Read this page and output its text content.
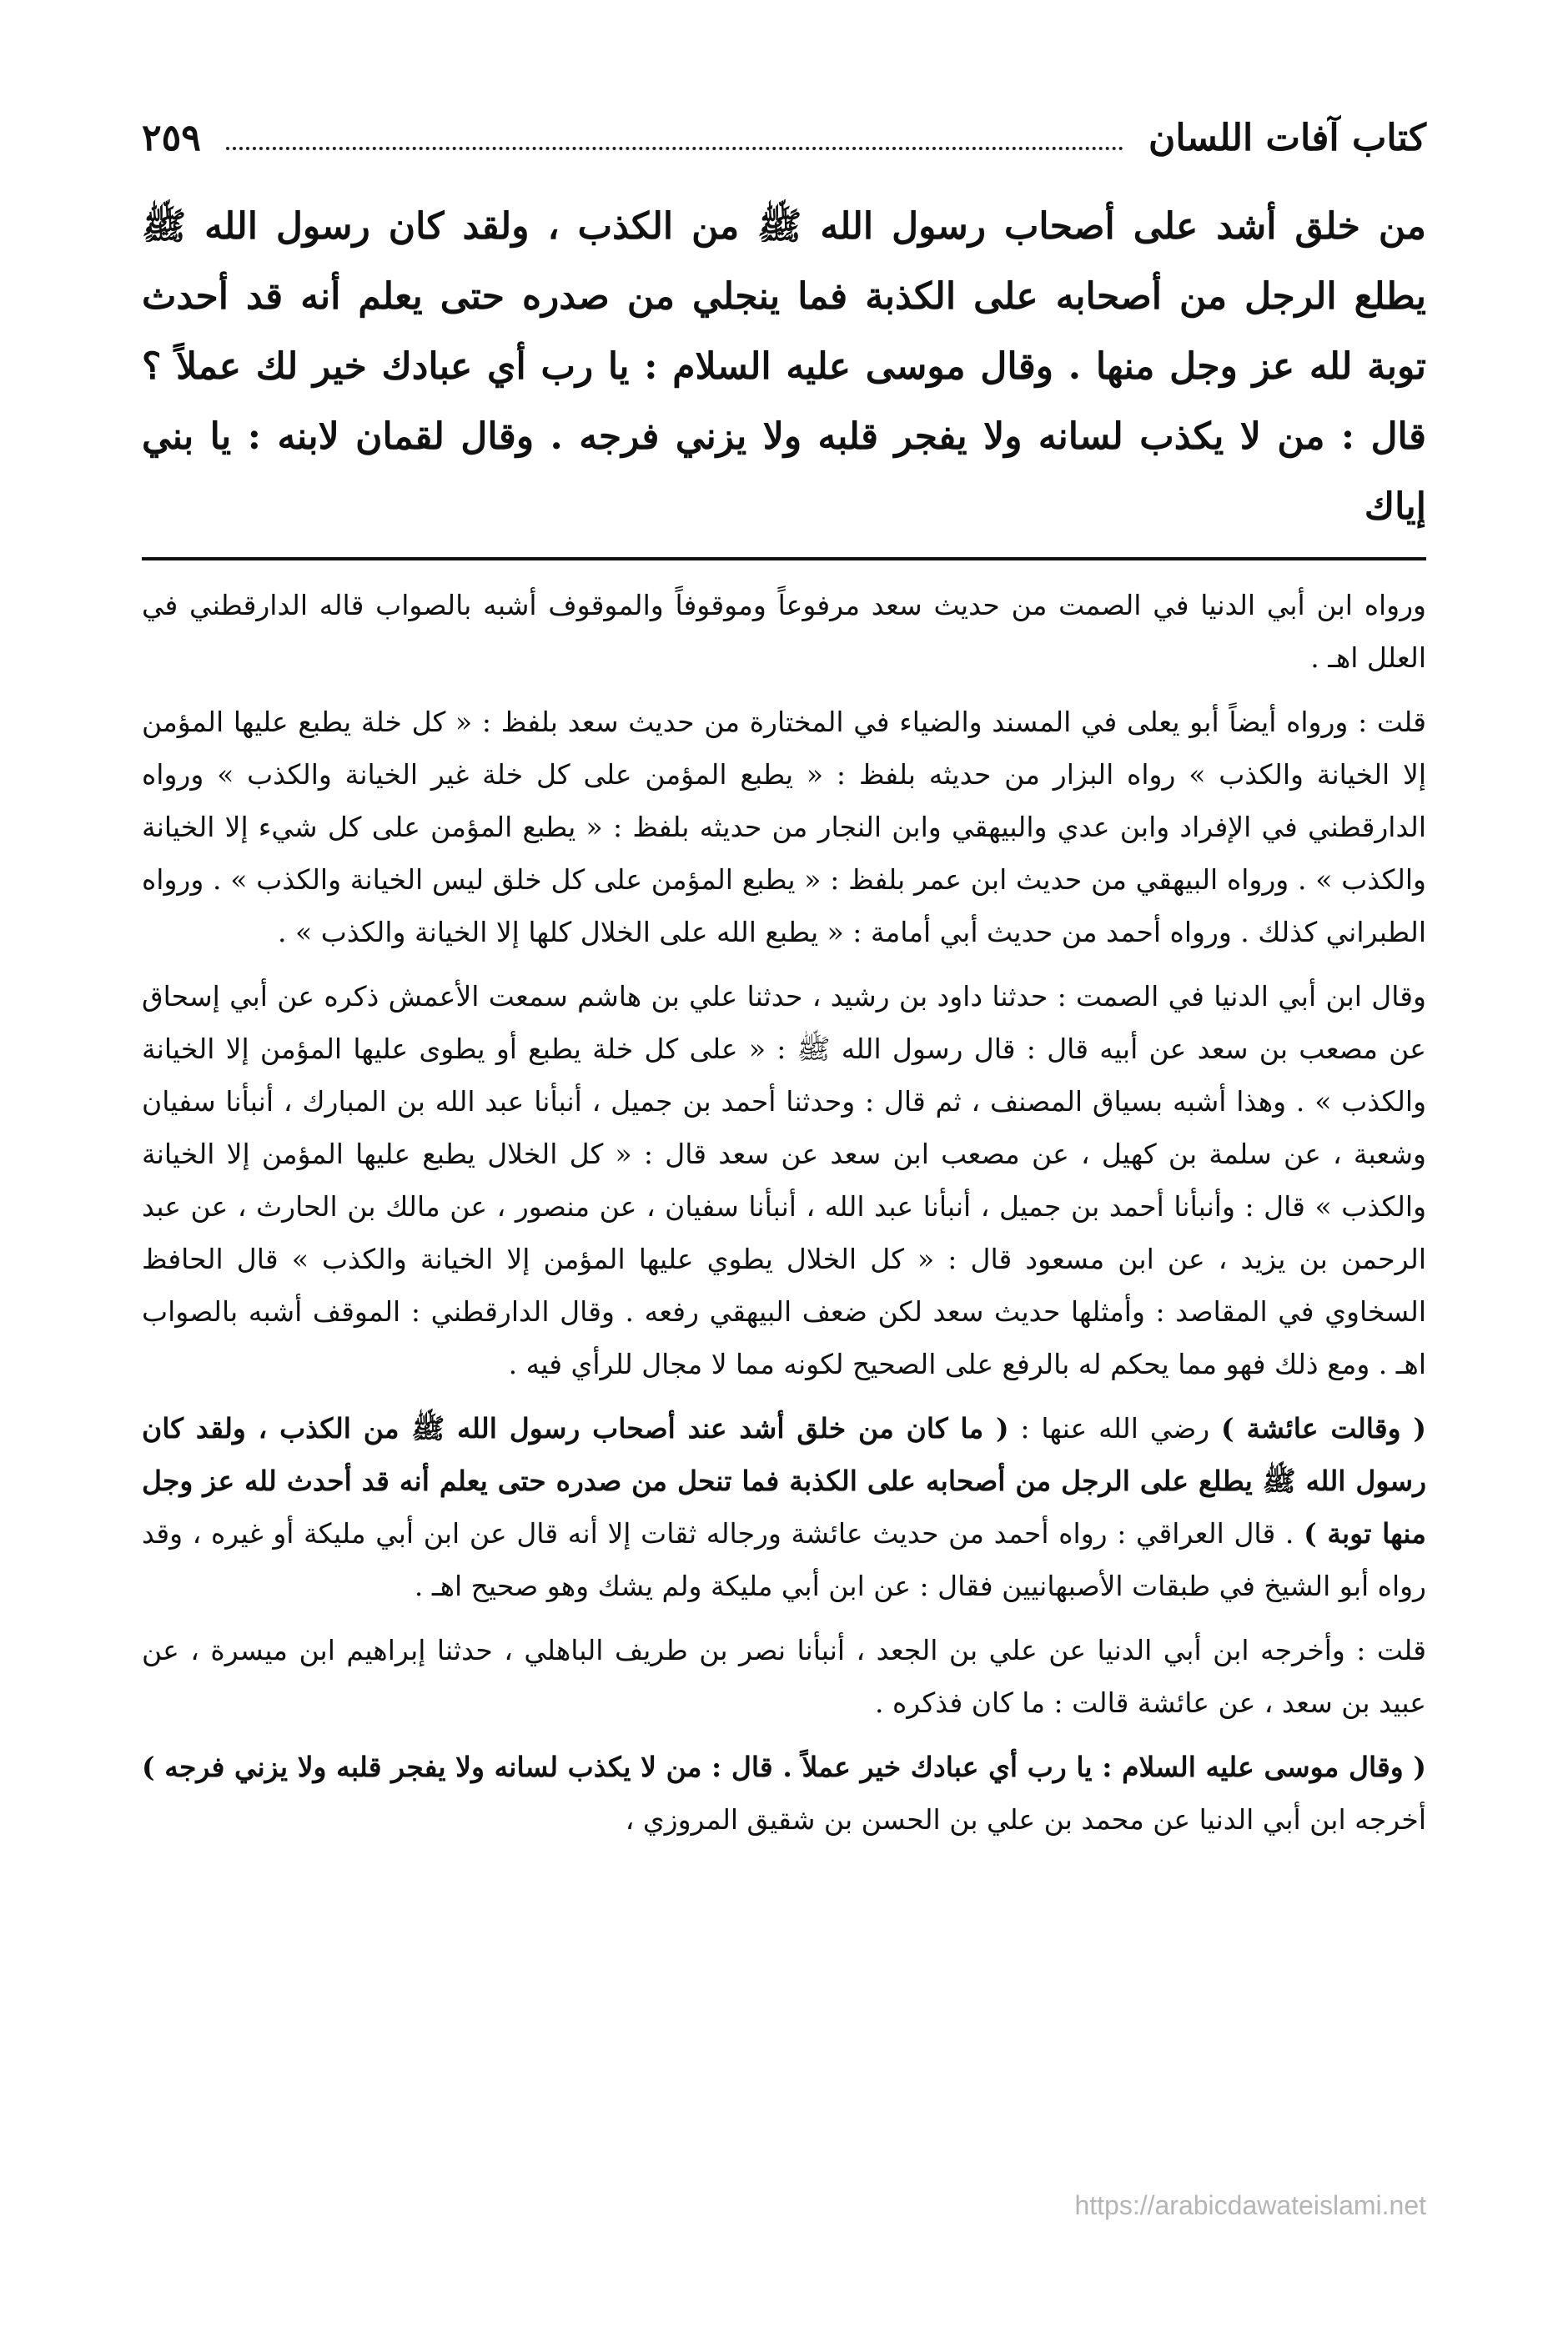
كتاب آفات اللسان
٢٥٩
من خلق أشد على أصحاب رسول الله ﷺ من الكذب ، ولقد كان رسول الله ﷺ يطلع الرجل من أصحابه على الكذبة فما ينجلي من صدره حتى يعلم أنه قد أحدث توبة لله عز وجل منها . وقال موسى عليه السلام : يا رب أي عبادك خير لك عملاً ؟ قال : من لا يكذب لسانه ولا يفجر قلبه ولا يزني فرجه . وقال لقمان لابنه : يا بني إياك

ورواه ابن أبي الدنيا في الصمت من حديث سعد مرفوعاً وموقوفاً والموقوف أشبه بالصواب قاله الدارقطني في العلل اهـ .

قلت : ورواه أيضاً أبو يعلى في المسند والضياء في المختارة من حديث سعد بلفظ : « كل خلة يطبع عليها المؤمن إلا الخيانة والكذب » رواه البزار من حديثه بلفظ : « يطبع المؤمن على كل خلة غير الخيانة والكذب » ورواه الدارقطني في الإفراد وابن عدي والبيهقي وابن النجار من حديثه بلفظ : « يطبع المؤمن على كل شيء إلا الخيانة والكذب » . ورواه البيهقي من حديث ابن عمر بلفظ : « يطبع المؤمن على كل خلق ليس الخيانة والكذب » . ورواه الطبراني كذلك . ورواه أحمد من حديث أبي أمامة : « يطبع الله على الخلال كلها إلا الخيانة والكذب » .

وقال ابن أبي الدنيا في الصمت : حدثنا داود بن رشيد ، حدثنا علي بن هاشم سمعت الأعمش ذكره عن أبي إسحاق عن مصعب بن سعد عن أبيه قال : قال رسول الله ﷺ : « على كل خلة يطبع أو يطوى عليها المؤمن إلا الخيانة والكذب » . وهذا أشبه بسياق المصنف ، ثم قال : وحدثنا أحمد بن جميل ، أنبأنا عبد الله بن المبارك ، أنبأنا سفيان وشعبة ، عن سلمة بن كهيل ، عن مصعب ابن سعد عن سعد قال : « كل الخلال يطبع عليها المؤمن إلا الخيانة والكذب » قال : وأنبأنا أحمد بن جميل ، أنبأنا عبد الله ، أنبأنا سفيان ، عن منصور ، عن مالك بن الحارث ، عن عبد الرحمن بن يزيد ، عن ابن مسعود قال : « كل الخلال يطوي عليها المؤمن إلا الخيانة والكذب » قال الحافظ السخاوي في المقاصد : وأمثلها حديث سعد لكن ضعف البيهقي رفعه . وقال الدارقطني : الموقف أشبه بالصواب اهـ . ومع ذلك فهو مما يحكم له بالرفع على الصحيح لكونه مما لا مجال للرأي فيه .

( وقالت عائشة ) رضي الله عنها : ( ما كان من خلق أشد عند أصحاب رسول الله ﷺ من الكذب ، ولقد كان رسول الله ﷺ يطلع على الرجل من أصحابه على الكذبة فما تنحل من صدره حتى يعلم أنه قد أحدث لله عز وجل منها توبة ) . قال العراقي : رواه أحمد من حديث عائشة ورجاله ثقات إلا أنه قال عن ابن أبي مليكة أو غيره ، وقد رواه أبو الشيخ في طبقات الأصبهانيين فقال : عن ابن أبي مليكة ولم يشك وهو صحيح اهـ .

قلت : وأخرجه ابن أبي الدنيا عن علي بن الجعد ، أنبأنا نصر بن طريف الباهلي ، حدثنا إبراهيم ابن ميسرة ، عن عبيد بن سعد ، عن عائشة قالت : ما كان فذكره .

( وقال موسى عليه السلام : يا رب أي عبادك خير عملاً . قال : من لا يكذب لسانه ولا يفجر قلبه ولا يزني فرجه ) أخرجه ابن أبي الدنيا عن محمد بن علي بن الحسن بن شقيق المروزي ،

https://arabicdawateislami.net
